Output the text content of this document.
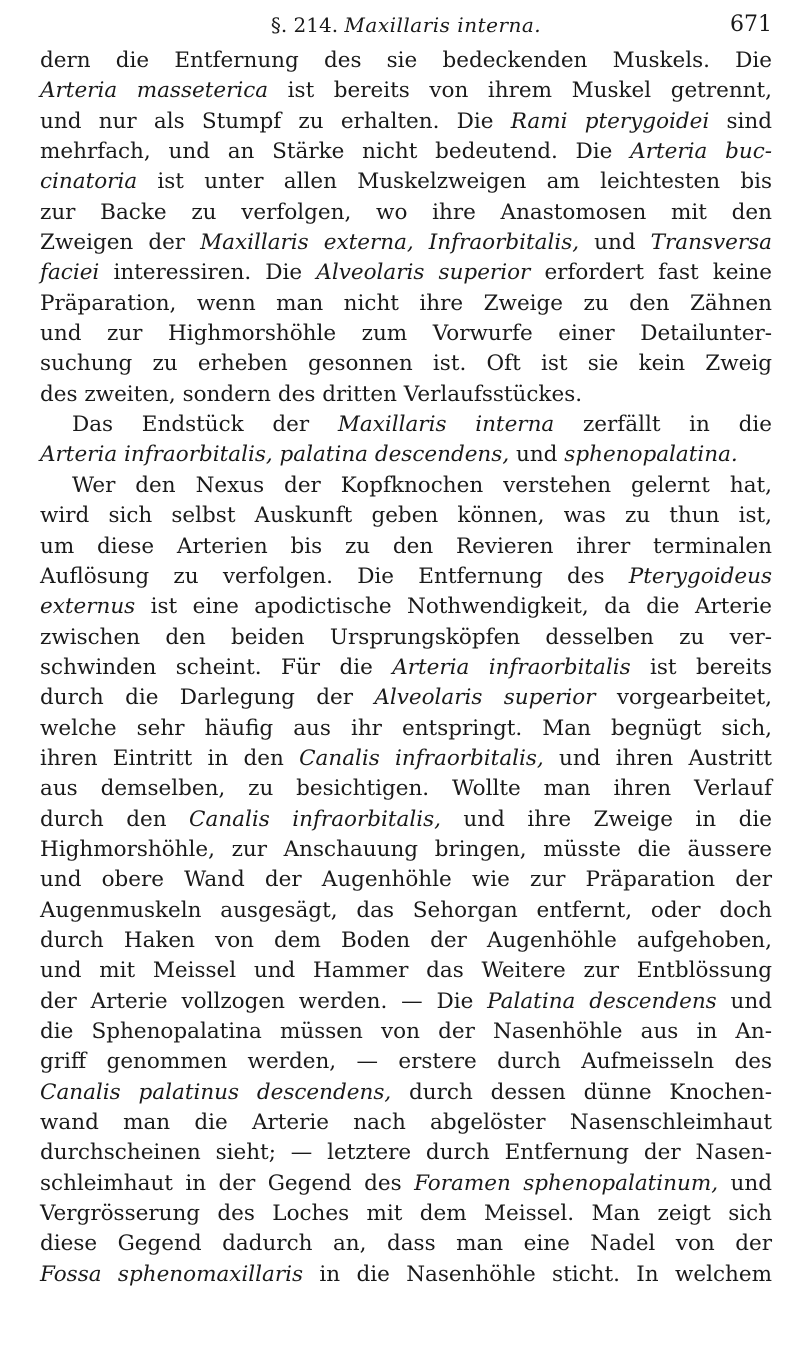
§. 214. Maxillaris interna.	671
dern die Entfernung des sie bedeckenden Muskels. Die
Arteria masseterica ist bereits von ihrem Muskel getrennt,
und nur als Stumpf zu erhalten. Die Rami pterygoidei sind
mehrfach, und an Stärke nicht bedeutend. Die Arteria buc-
cinatoria ist unter allen Muskelzweigen am leichtesten bis
zur Backe zu verfolgen, wo ihre Anastomosen mit den
Zweigen der Maxillaris externa, Infraorbitalis, und Transversa
faciei interessiren. Die Alveolaris superior erfordert fast keine
Präparation, wenn man nicht ihre Zweige zu den Zähnen
und zur Highmorshöhle zum Vorwurfe einer Detailunter-
suchung zu erheben gesonnen ist. Oft ist sie kein Zweig
des zweiten, sondern des dritten Verlaufsstückes.
Das Endstück der Maxillaris interna zerfällt in die
Arteria infraorbitalis, palatina descendens, und sphenopalatina.
Wer den Nexus der Kopfknochen verstehen gelernt hat,
wird sich selbst Auskunft geben können, was zu thun ist,
um diese Arterien bis zu den Revieren ihrer terminalen
Auflösung zu verfolgen. Die Entfernung des Pterygoideus
externus ist eine apodictische Nothwendigkeit, da die Arterie
zwischen den beiden Ursprungsköpfen desselben zu ver-
schwinden scheint. Für die Arteria infraorbitalis ist bereits
durch die Darlegung der Alveolaris superior vorgearbeitet,
welche sehr häufig aus ihr entspringt. Man begnügt sich,
ihren Eintritt in den Canalis infraorbitalis, und ihren Austritt
aus demselben, zu besichtigen. Wollte man ihren Verlauf
durch den Canalis infraorbitalis, und ihre Zweige in die
Highmorshöhle, zur Anschauung bringen, müsste die äussere
und obere Wand der Augenhöhle wie zur Präparation der
Augenmuskeln ausgesägt, das Sehorgan entfernt, oder doch
durch Haken von dem Boden der Augenhöhle aufgehoben,
und mit Meissel und Hammer das Weitere zur Entblössung
der Arterie vollzogen werden. — Die Palatina descendens und
die Sphenopalatina müssen von der Nasenhöhle aus in An-
griff genommen werden, — erstere durch Aufmeisseln des
Canalis palatinus descendens, durch dessen dünne Knochen-
wand man die Arterie nach abgelöster Nasenschleimhaut
durchscheinen sieht; — letztere durch Entfernung der Nasen-
schleimhaut in der Gegend des Foramen sphenopalatinum, und
Vergrösserung des Loches mit dem Meissel. Man zeigt sich
diese Gegend dadurch an, dass man eine Nadel von der
Fossa sphenomaxillaris in die Nasenhöhle sticht. In welchem
